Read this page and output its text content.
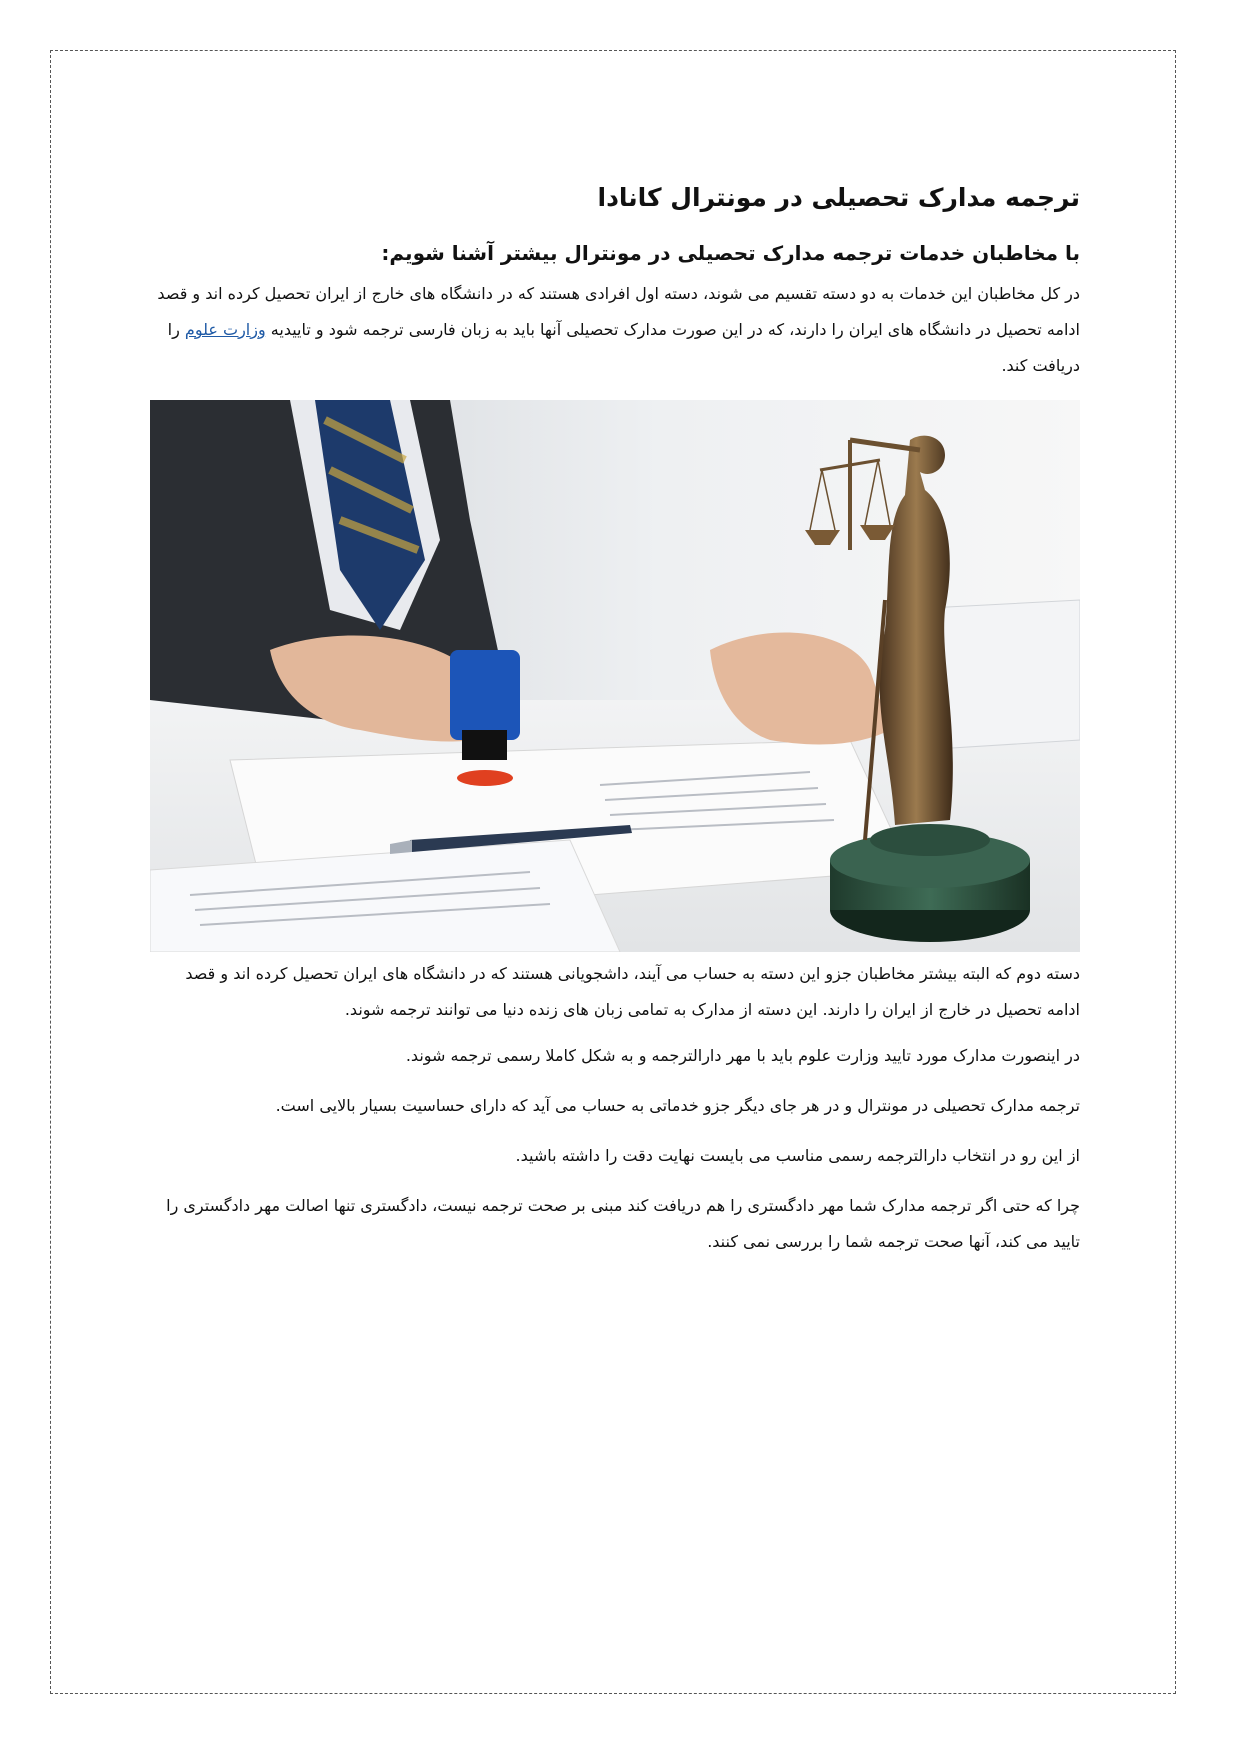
ترجمه مدارک تحصیلی در مونترال کانادا
با مخاطبان خدمات ترجمه مدارک تحصیلی در مونترال بیشتر آشنا شویم:

در کل مخاطبان این خدمات به دو دسته تقسیم می شوند، دسته اول افرادی هستند که در دانشگاه های خارج از ایران تحصیل کرده اند و قصد ادامه تحصیل در دانشگاه های ایران را دارند، که در این صورت مدارک تحصیلی آنها باید به زبان فارسی ترجمه شود و تاییدیه وزارت علوم را دریافت کند.

دسته دوم که البته بیشتر مخاطبان جزو این دسته به حساب می آیند، داشجویانی هستند که در دانشگاه های ایران تحصیل کرده اند و قصد ادامه تحصیل در خارج از ایران را دارند. این دسته از مدارک به تمامی زبان های زنده دنیا می توانند ترجمه شوند.

در اینصورت مدارک مورد تایید وزارت علوم باید با مهر دارالترجمه و به شکل کاملا رسمی ترجمه شوند.

ترجمه مدارک تحصیلی در مونترال و در هر جای دیگر جزو خدماتی به حساب می آید که دارای حساسیت بسیار بالایی است.

از این رو در انتخاب دارالترجمه رسمی مناسب می بایست نهایت دقت را داشته باشید.

چرا که حتی اگر ترجمه مدارک شما مهر دادگستری را هم دریافت کند مبنی بر صحت ترجمه نیست، دادگستری تنها اصالت مهر دادگستری را تایید می کند، آنها صحت ترجمه شما را بررسی نمی کنند.
